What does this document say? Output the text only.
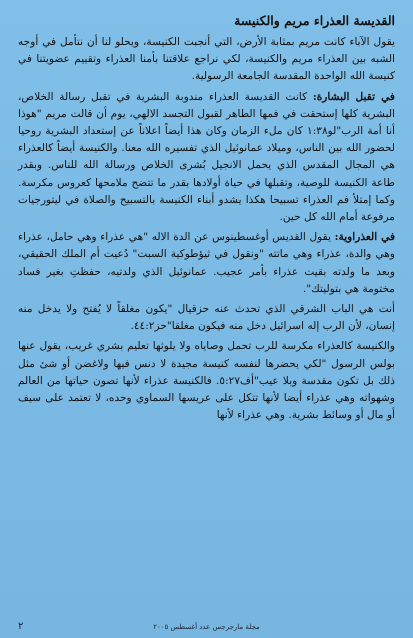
القديسة العذراء مريم والكنيسة

يقول الآباء كانت مريم بمثابة الأرض، التي أنجبت الكنيسة، ويحلو لنا أن نتأمل في أوجه الشبه بين العذراء مريم والكنيسة، لكي نراجع علاقتنا بأمنا العذراء وتقييم عضويتنا في كنيسة الله الواحدة المقدسة الجامعة الرسولية.

في تقبل البشارة: كانت القديسة العذراء مندوبة البشرية في تقبل رسالة الخلاص، البشرية كلها إستحقت في فمها الطاهر لقبول التجسد الالهي، يوم أن قالت مريم "هوذا أنا أمة الرب"لو١:٣٨ كان ملء الزمان وكان هذا أيضاً اعلاناً عن إستعداد البشرية روحيا لحضور الله بين الناس، وميلاد عمانوئيل الذي تفسيره الله معنا. والكنيسة أيضاً كالعذراء هي المجال المقدس الذي يحمل الانجيل بُشرى الخلاص ورسالة الله للناس. وبقدر طاعة الكنيسة للوصية، وتقبلها في حياة أولادها بقدر ما تتضح ملامحها كعروس مكرسة. وكما إمتلأ فم العذراء تسبيحا هكذا يشدو أبناء الكنيسة بالتسبيح والصلاة في ليتورجيات مرفوعة أمام الله كل حين.

في العذراوية: يقول القديس أوغسطينوس عن الدة الاله "هي عذراء وهي حامل، عذراء وهي والدة، عذراء وهي ماتته "ونقول في ثيؤطوكية السبت" دُعيت أم الملك الحقيقي، وبعد ما ولدته بقيت عذراء بأمر عجيب. عمانوئيل الذي ولدتيه، حفظتِ بغير فساد مختومة هي بتوليتك".

أنت هي الباب الشرقي الذي تحدث عنه حزقيال "يكون مغلقاً لا يُفتح ولا يدخل منه إنسان، لأن الرب إله اسرائيل دخل منه فيكون مغلقا"حز٤٤:٢.

والكنيسة كالعذراء مكرسة للرب تحمل وصاياه ولا يلوثها تعليم بشري غريب، يقول عنها بولس الرسول "لكي يحضرها لنفسه كنيسة مجيدة لا دنس فيها ولاغضن أو شئ مثل ذلك بل تكون مقدسة وبلا عيب"أف٥:٢٧. فالكنيسة عذراء لأنها تصون حياتها من العالم وشهواته وهي عذراء أيضا لأنها تتكل على عريسها السماوي وحده، لا تعتمد على سيف أو مال أو وسائط بشرية. وهي عذراء لأنها

مجلة مارجرجس عدد أغسطس ٢٠٠٥
٢
